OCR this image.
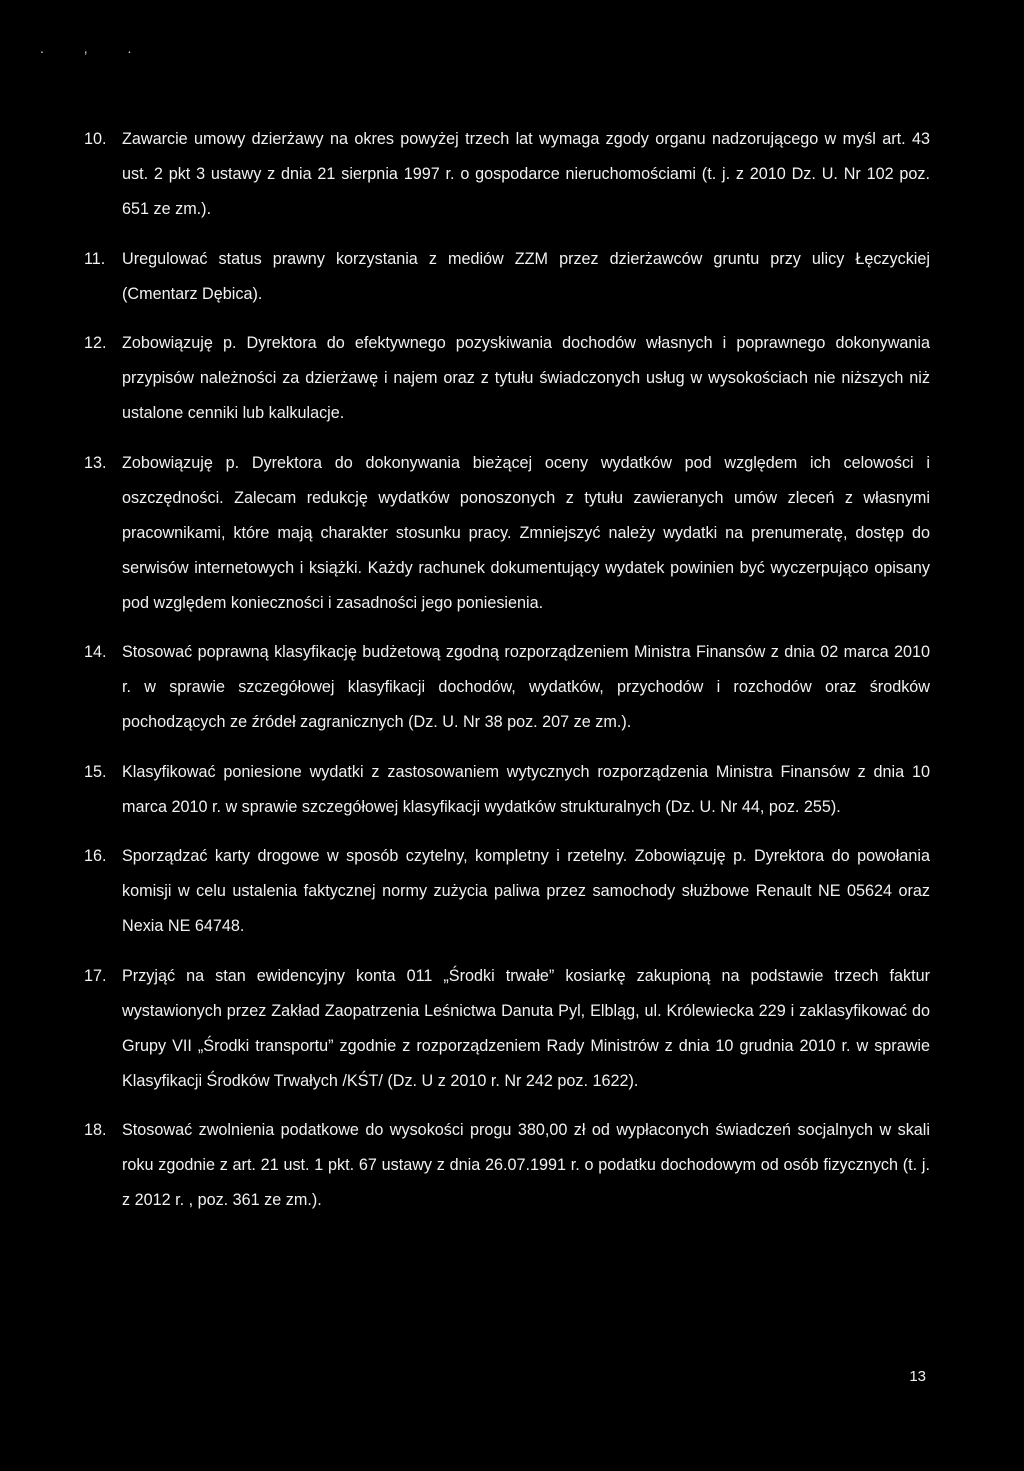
. , .
10. Zawarcie umowy dzierżawy na okres powyżej trzech lat wymaga zgody organu nadzorującego w myśl art. 43 ust. 2 pkt 3 ustawy z dnia 21 sierpnia 1997 r. o gospodarce nieruchomościami (t. j. z 2010 Dz. U. Nr 102 poz. 651 ze zm.).
11.	Uregulować status prawny korzystania z mediów ZZM przez dzierżawców gruntu przy ulicy Łęczyckiej (Cmentarz Dębica).
12. Zobowiązuję p. Dyrektora do efektywnego pozyskiwania dochodów własnych i poprawnego dokonywania przypisów należności za dzierżawę i najem oraz z tytułu świadczonych usług w wysokościach nie niższych niż ustalone cenniki lub kalkulacje.
13. Zobowiązuję p. Dyrektora do dokonywania bieżącej oceny wydatków pod względem ich celowości i oszczędności. Zalecam redukcję wydatków ponoszonych z tytułu zawieranych umów zleceń z własnymi pracownikami, które mają charakter stosunku pracy. Zmniejszyć należy wydatki na prenumeratę, dostęp do serwisów internetowych i książki. Każdy rachunek dokumentujący wydatek powinien być wyczerpująco opisany pod względem konieczności i zasadności jego poniesienia.
14. Stosować poprawną klasyfikację budżetową zgodną rozporządzeniem Ministra Finansów z dnia 02 marca 2010 r. w sprawie szczegółowej klasyfikacji dochodów, wydatków, przychodów i rozchodów oraz środków pochodzących ze źródeł zagranicznych (Dz. U. Nr 38 poz. 207 ze zm.).
15. Klasyfikować poniesione wydatki z zastosowaniem wytycznych rozporządzenia Ministra Finansów z dnia 10 marca 2010 r. w sprawie szczegółowej klasyfikacji wydatków strukturalnych (Dz. U. Nr 44, poz. 255).
16. Sporządzać karty drogowe w sposób czytelny, kompletny i rzetelny. Zobowiązuję p. Dyrektora do powołania komisji w celu ustalenia faktycznej normy zużycia paliwa przez samochody służbowe Renault NE 05624 oraz Nexia NE 64748.
17. Przyjąć na stan ewidencyjny konta 011 „Środki trwałe” kosiarkę zakupioną na podstawie trzech faktur wystawionych przez Zakład Zaopatrzenia Leśnictwa Danuta Pyl, Elbląg, ul. Królewiecka 229 i zaklasyfikować do Grupy VII „Środki transportu” zgodnie z rozporządzeniem Rady Ministrów z dnia 10 grudnia 2010 r. w sprawie Klasyfikacji Środków Trwałych /KŚT/ (Dz. U z 2010 r. Nr 242 poz. 1622).
18. Stosować zwolnienia podatkowe do wysokości progu 380,00 zł od wypłaconych świadczeń socjalnych w skali roku zgodnie z art. 21 ust. 1 pkt. 67 ustawy z dnia 26.07.1991 r. o podatku dochodowym od osób fizycznych (t. j. z 2012 r. , poz. 361 ze zm.).
13
